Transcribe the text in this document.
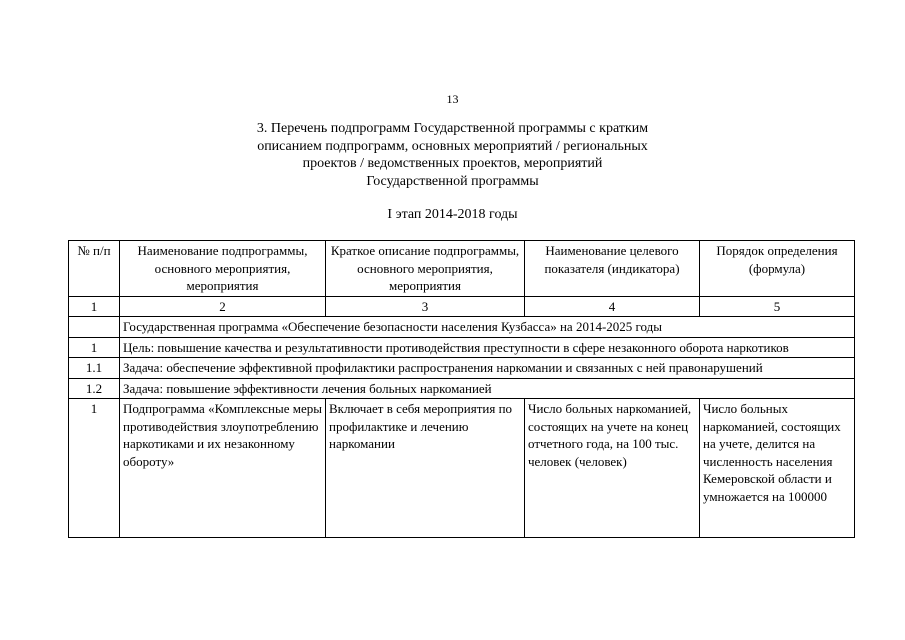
13
3. Перечень подпрограмм Государственной программы с кратким
описанием подпрограмм, основных мероприятий / региональных
проектов / ведомственных проектов, мероприятий
Государственной программы
I этап 2014-2018 годы
№ п/п	Наименование подпрограммы, основного мероприятия, мероприятия	Краткое описание подпрограммы, основного мероприятия, мероприятия	Наименование целевого показателя (индикатора)	Порядок определения (формула)
1	2	3	4	5
	Государственная программа «Обеспечение безопасности населения Кузбасса» на 2014-2025 годы			
1	Цель: повышение качества и результативности противодействия преступности в сфере незаконного оборота наркотиков			
1.1	Задача: обеспечение эффективной профилактики распространения наркомании и связанных с ней правонарушений			
1.2	Задача: повышение эффективности лечения больных наркоманией			
1	Подпрограмма «Комплексные меры противодействия злоупотреблению наркотиками и их незаконному обороту»	Включает в себя мероприятия по профилактике и лечению наркомании	Число больных наркоманией, состоящих на учете на конец отчетного года, на 100 тыс. человек (человек)	Число больных наркоманией, состоящих на учете, делится на численность населения Кемеровской области и умножается на 100000
